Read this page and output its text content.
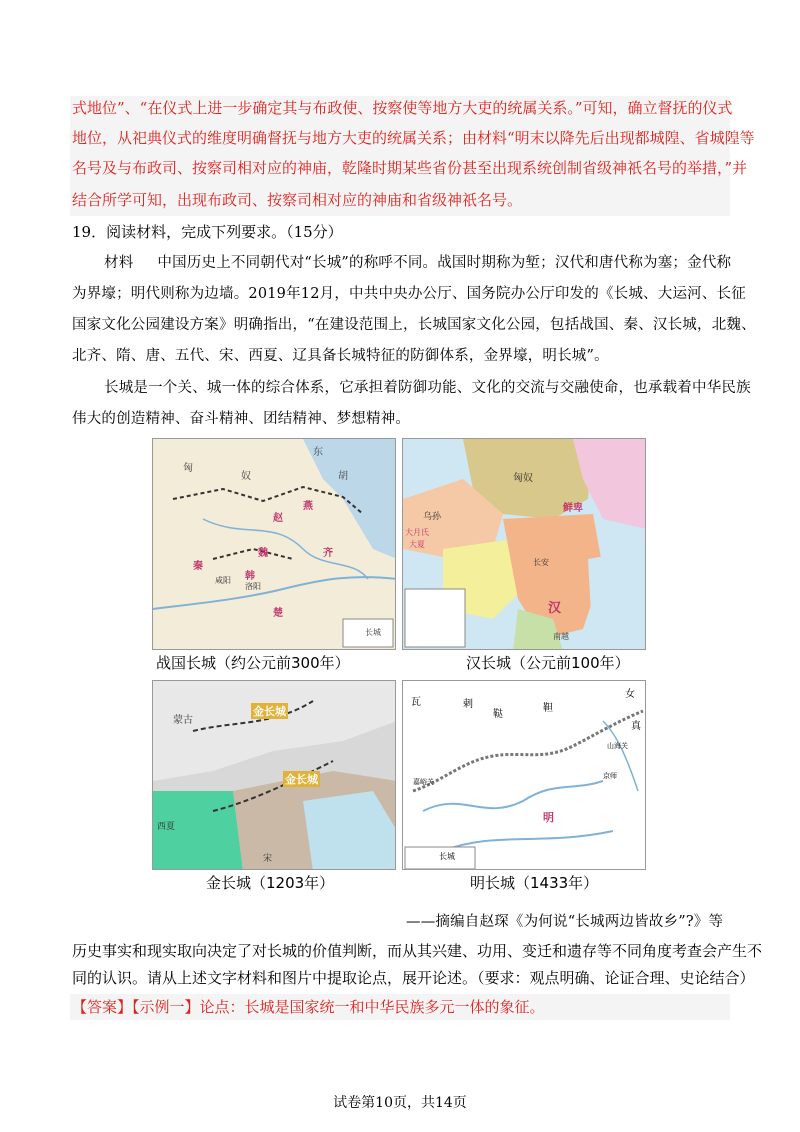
式地位”、“在仪式上进一步确定其与布政使、按察使等地方大吏的统属关系。”可知，确立督抚的仪式
地位，从祀典仪式的维度明确督抚与地方大吏的统属关系；由材料“明末以降先后出现都城隍、省城隍等
名号及与布政司、按察司相对应的神庙，乾隆时期某些省份甚至出现系统创制省级神祇名号的举措，”并
结合所学可知，出现布政司、按察司相对应的神庙和省级神祇名号。
19．阅读材料，完成下列要求。（15分）
材料 中国历史上不同朝代对“长城”的称呼不同。战国时期称为堑；汉代和唐代称为塞；金代称
为界壕；明代则称为边墙。2019年12月，中共中央办公厅、国务院办公厅印发的《长城、大运河、长征
国家文化公园建设方案》明确指出，“在建设范围上，长城国家文化公园，包括战国、秦、汉长城，北魏、
北齐、隋、唐、五代、宋、西夏、辽具备长城特征的防御体系，金界壕，明长城”。
长城是一个关、城一体的综合体系，它承担着防御功能、文化的交流与交融使命，也承载着中华民族
伟大的创造精神、奋斗精神、团结精神、梦想精神。
匈
奴
东
胡
燕
赵
秦
魏	齐
韩
楚
咸阳
洛阳
长城
战国长城（约公元前300年）
匈奴
乌孙
鲜卑
汉
大月氏
大夏
长安
南越
汉长城（公元前100年）
蒙古
金长城
金长城
西夏
宋
金长城（1203年）
瓦	剌
鞑
靼
女
真
山海关
嘉峪关
京师
明
长城
明长城（1433年）
——摘编自赵琛《为何说“长城两边皆故乡”?》等
历史事实和现实取向决定了对长城的价值判断，而从其兴建、功用、变迁和遗存等不同角度考查会产生不
同的认识。请从上述文字材料和图片中提取论点，展开论述。（要求：观点明确、论证合理、史论结合）
【答案】【示例一】论点：长城是国家统一和中华民族多元一体的象征。
试卷第10页，共14页
